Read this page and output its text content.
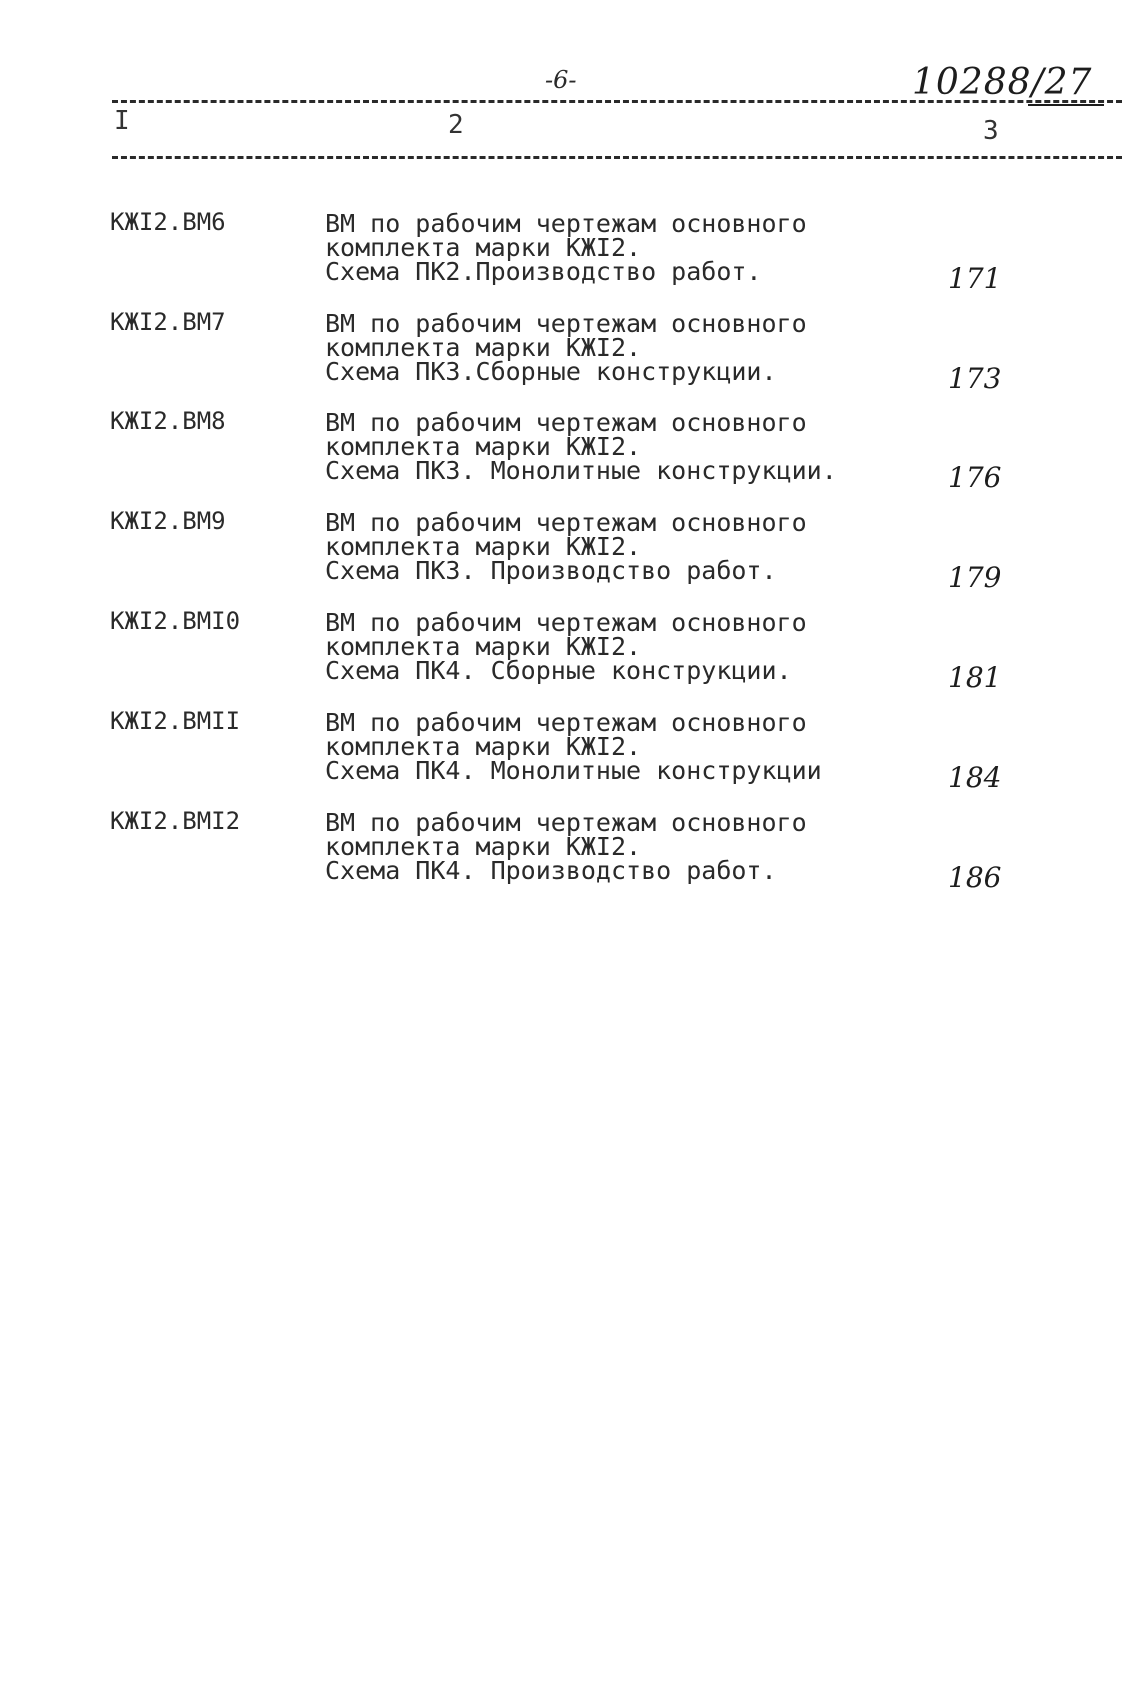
-6-	10288/27
I	2	3
КЖI2.ВМ6	ВМ по рабочим чертежам основного
комплекта марки КЖI2.
Схема ПК2.Производство работ.	171
КЖI2.ВМ7	ВМ по рабочим чертежам основного
комплекта марки КЖI2.
Схема ПК3.Сборные конструкции.	173
КЖI2.ВМ8	ВМ по рабочим чертежам основного
комплекта марки КЖI2.
Схема ПК3. Монолитные конструкции.	176
КЖI2.ВМ9	ВМ по рабочим чертежам основного
комплекта марки КЖI2.
Схема ПК3. Производство работ.	179
КЖI2.ВМI0	ВМ по рабочим чертежам основного
комплекта марки КЖI2.
Схема ПК4. Сборные конструкции.	181
КЖI2.ВМII	ВМ по рабочим чертежам основного
комплекта марки КЖI2.
Схема ПК4. Монолитные конструкции	184
КЖI2.ВМI2	ВМ по рабочим чертежам основного
комплекта марки КЖI2.
Схема ПК4. Производство работ.	186
